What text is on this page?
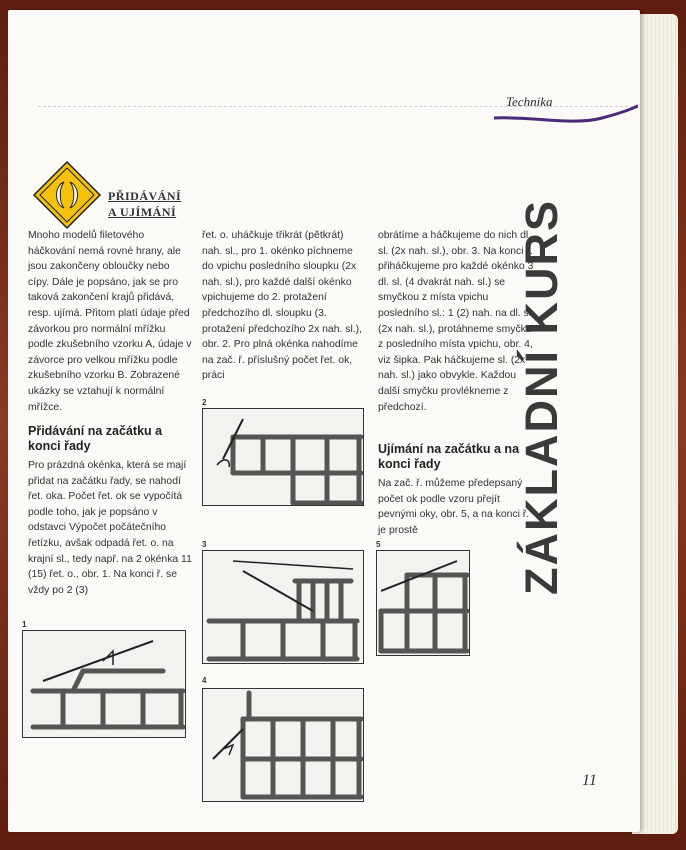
Technika
ZÁKLADNÍ KURS
PŘIDÁVÁNÍ
A UJÍMÁNÍ

Mnoho modelů filetového háčkování nemá rovné hrany, ale jsou zakončeny obloučky nebo cípy. Dále je popsáno, jak se pro taková zakončení krajů přidává, resp. ujímá. Přitom platí údaje před závorkou pro normální mřížku podle zkušebního vzorku A, údaje v závorce pro velkou mřížku podle zkušebního vzorku B. Zobrazené ukázky se vztahují k normální mřížce.

Přidávání na začátku a konci řady

Pro prázdná okénka, která se mají přidat na začátku řady, se nahodí řet. oka. Počet řet. ok se vypočítá podle toho, jak je popsáno v odstavci Výpočet počátečního řetízku, avšak odpadá řet. o. na krajní sl., tedy např. na 2 okénka 11 (15) řet. o., obr. 1. Na konci ř. se vždy po 2 (3)

řet. o. uháčkuje třikrát (pětkrát) nah. sl., pro 1. okénko píchneme do vpichu posledního sloupku (2x nah. sl.), pro každé další okénko vpichujeme do 2. protažení předchozího dl. sloupku (3. protažení předchozího 2x nah. sl.), obr. 2. Pro plná okénka nahodíme na zač. ř. příslušný počet řet. ok, práci

obrátíme a háčkujeme do nich dl. sl. (2x nah. sl.), obr. 3. Na konci ř. přiháčkujeme pro každé okénko 3 dl. sl. (4 dvakrát nah. sl.) se smyčkou z místa vpichu posledního sl.: 1 (2) nah. na dl. sl. (2x nah. sl.), protáhneme smyčku z posledního místa vpichu, obr. 4, viz šipka. Pak háčkujeme sl. (2x nah. sl.) jako obvykle. Každou další smyčku provlékneme z předchozí.

Ujímání na začátku a na konci řady

Na zač. ř. můžeme předepsaný počet ok podle vzoru přejít pevnými oky, obr. 5, a na konci ř. je prostě

1
2
3
4
5
11
